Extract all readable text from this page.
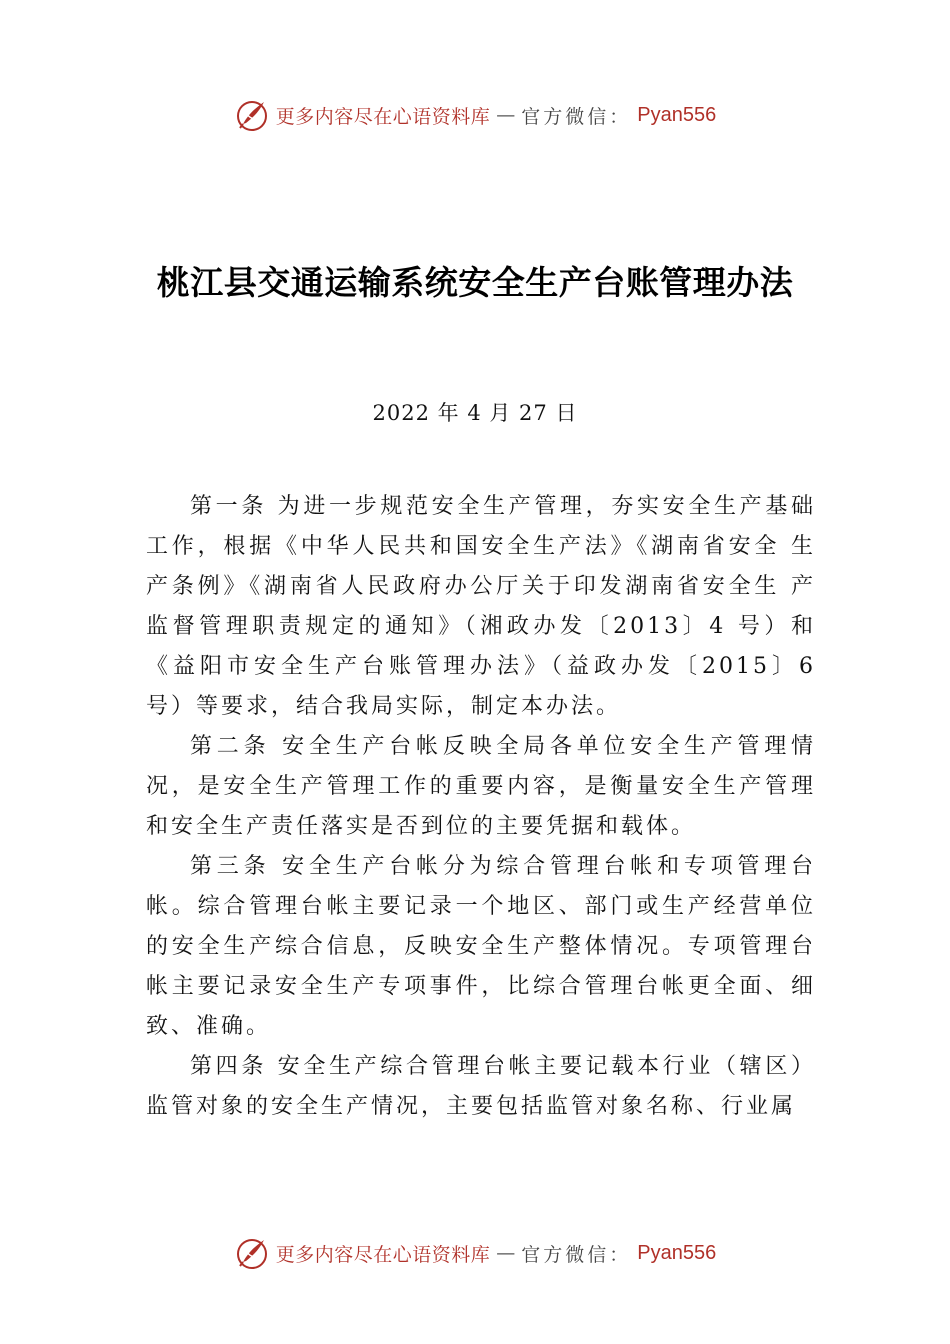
更多内容尽在心语资料库 — 官方微信： Pyan556
桃江县交通运输系统安全生产台账管理办法
2022 年 4 月 27 日

第一条 为进一步规范安全生产管理，夯实安全生产基础工作，根据《中华人民共和国安全生产法》《湖南省安全 生产条例》《湖南省人民政府办公厅关于印发湖南省安全生 产监督管理职责规定的通知》（湘政办发〔2013〕4 号）和《益阳市安全生产台账管理办法》（益政办发〔2015〕6 号）等要求，结合我局实际，制定本办法。

第二条 安全生产台帐反映全局各单位安全生产管理情况，是安全生产管理工作的重要内容，是衡量安全生产管理和安全生产责任落实是否到位的主要凭据和载体。

第三条 安全生产台帐分为综合管理台帐和专项管理台帐。综合管理台帐主要记录一个地区、部门或生产经营单位的安全生产综合信息，反映安全生产整体情况。专项管理台帐主要记录安全生产专项事件，比综合管理台帐更全面、细致、准确。

第四条 安全生产综合管理台帐主要记载本行业（辖区） 监管对象的安全生产情况，主要包括监管对象名称、行业属

更多内容尽在心语资料库 — 官方微信： Pyan556
